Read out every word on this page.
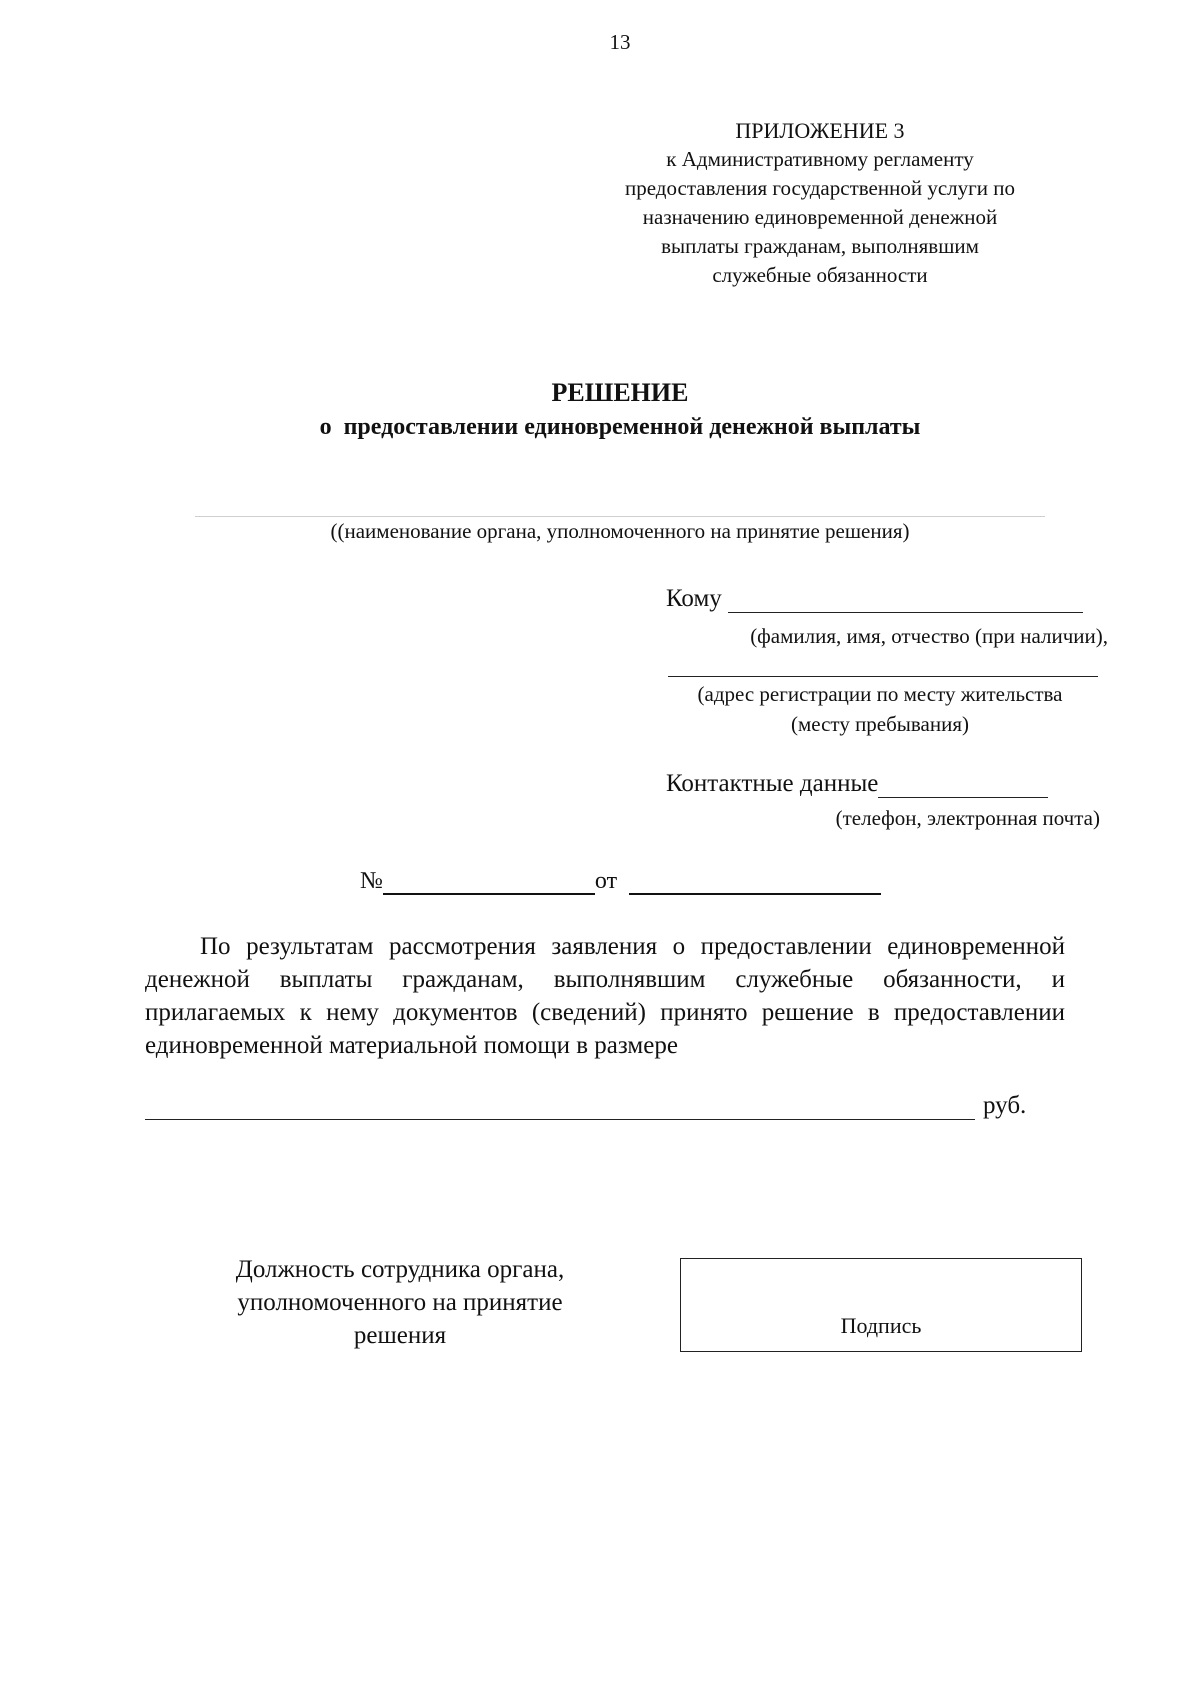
13
ПРИЛОЖЕНИЕ 3
к Административному регламенту
предоставления государственной услуги по
назначению единовременной денежной
выплаты гражданам, выполнявшим
служебные обязанности
РЕШЕНИЕ
о  предоставлении единовременной денежной выплаты
((наименование органа, уполномоченного на принятие решения)
Кому
(фамилия, имя, отчество (при наличии),
(адрес регистрации по месту жительства
(месту пребывания)
Контактные данные
(телефон, электронная почта)
№	от

По результатам рассмотрения заявления о предоставлении единовременной денежной выплаты гражданам, выполнявшим служебные обязанности, и прилагаемых к нему документов (сведений) принято решение в предоставлении единовременной материальной помощи в размере

руб.
Должность сотрудника органа,
уполномоченного на принятие
решения	Подпись
